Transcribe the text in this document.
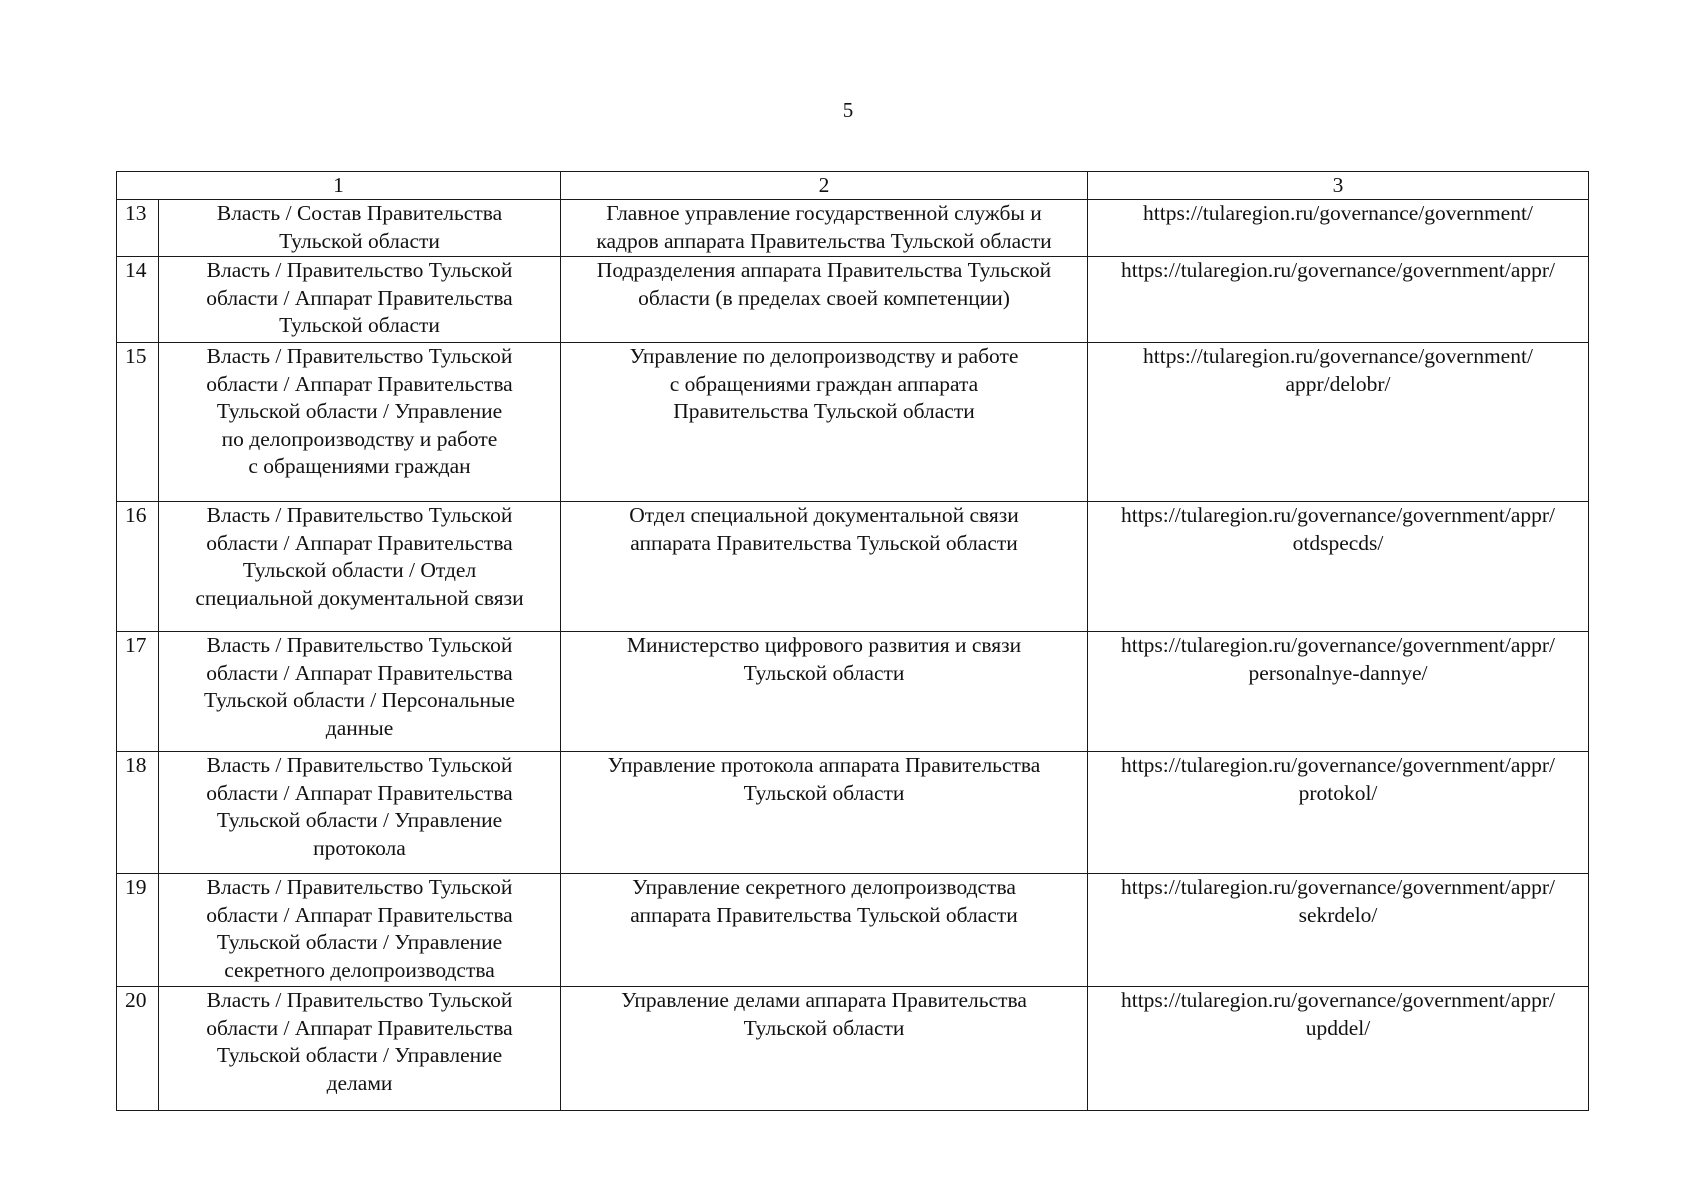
5
1		2	3
13	Власть / Состав Правительства
Тульской области	Главное управление государственной службы и
кадров аппарата Правительства Тульской области	https://tularegion.ru/governance/government/
14	Власть / Правительство Тульской
области / Аппарат Правительства
Тульской области	Подразделения аппарата Правительства Тульской
области (в пределах своей компетенции)	https://tularegion.ru/governance/government/appr/
15	Власть / Правительство Тульской
области / Аппарат Правительства
Тульской области / Управление
по делопроизводству и работе
с обращениями граждан	Управление по делопроизводству и работе
с обращениями граждан аппарата
Правительства Тульской области	https://tularegion.ru/governance/government/
appr/delobr/
16	Власть / Правительство Тульской
области / Аппарат Правительства
Тульской области / Отдел
специальной документальной связи	Отдел специальной документальной связи
аппарата Правительства Тульской области	https://tularegion.ru/governance/government/appr/
otdspecds/
17	Власть / Правительство Тульской
области / Аппарат Правительства
Тульской области / Персональные
данные	Министерство цифрового развития и связи
Тульской области	https://tularegion.ru/governance/government/appr/
personalnye-dannye/
18	Власть / Правительство Тульской
области / Аппарат Правительства
Тульской области / Управление
протокола	Управление протокола аппарата Правительства
Тульской области	https://tularegion.ru/governance/government/appr/
protokol/
19	Власть / Правительство Тульской
области / Аппарат Правительства
Тульской области / Управление
секретного делопроизводства	Управление секретного делопроизводства
аппарата Правительства Тульской области	https://tularegion.ru/governance/government/appr/
sekrdelo/
20	Власть / Правительство Тульской
области / Аппарат Правительства
Тульской области / Управление
делами	Управление делами аппарата Правительства
Тульской области	https://tularegion.ru/governance/government/appr/
upddel/
